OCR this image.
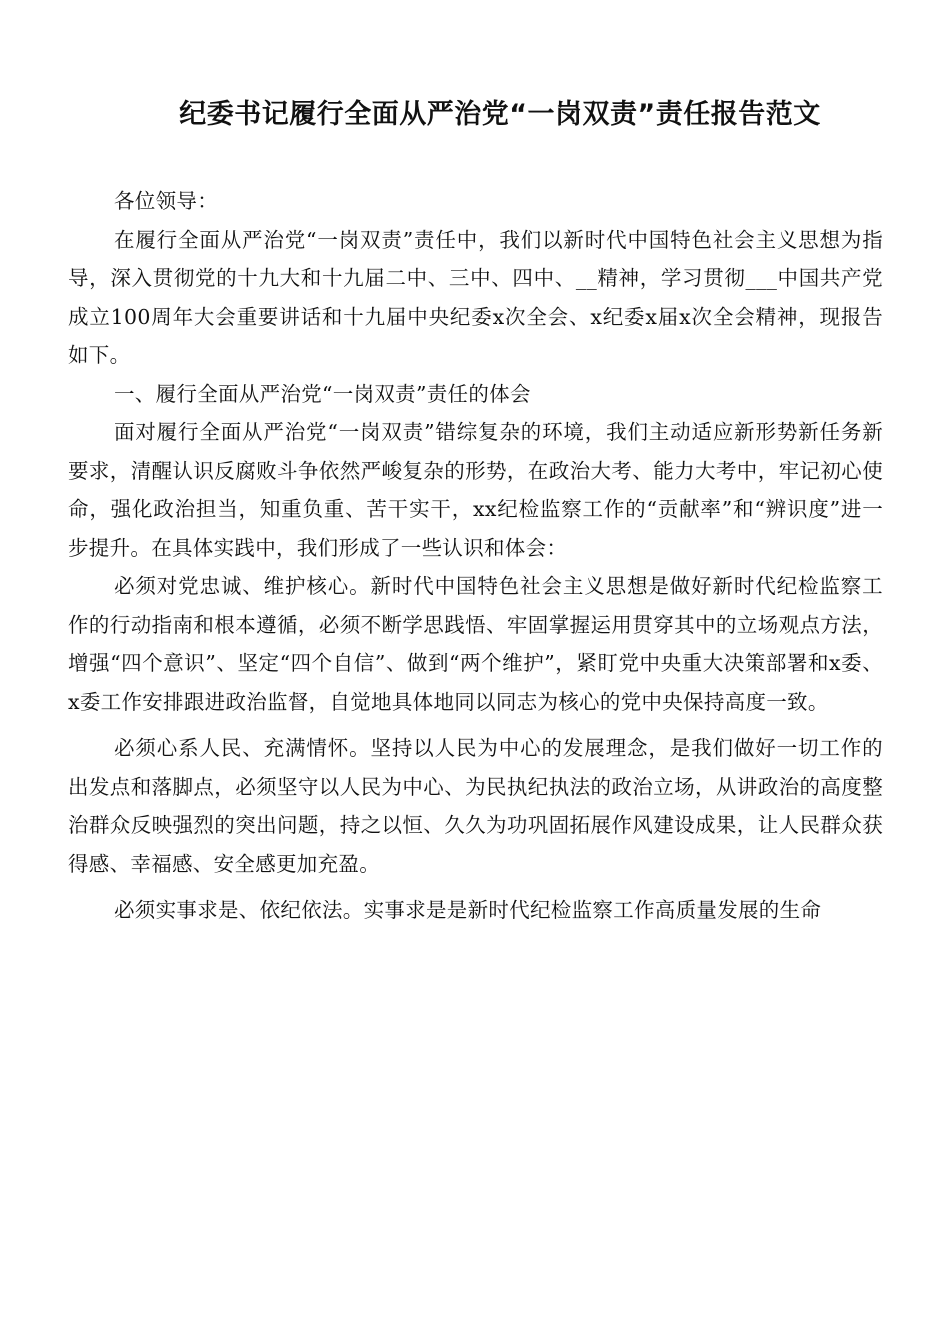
纪委书记履行全面从严治党“一岗双责”责任报告范文

各位领导：

在履行全面从严治党“一岗双责”责任中，我们以新时代中国特色社会主义思想为指导，深入贯彻党的十九大和十九届二中、三中、四中、__精神，学习贯彻___中国共产党成立100周年大会重要讲话和十九届中央纪委x次全会、x纪委x届x次全会精神，现报告如下。

一、履行全面从严治党“一岗双责”责任的体会

面对履行全面从严治党“一岗双责”错综复杂的环境，我们主动适应新形势新任务新要求，清醒认识反腐败斗争依然严峻复杂的形势，在政治大考、能力大考中，牢记初心使命，强化政治担当，知重负重、苦干实干，xx纪检监察工作的“贡献率”和“辨识度”进一步提升。在具体实践中，我们形成了一些认识和体会：

必须对党忠诚、维护核心。新时代中国特色社会主义思想是做好新时代纪检监察工作的行动指南和根本遵循，必须不断学思践悟、牢固掌握运用贯穿其中的立场观点方法，增强“四个意识”、坚定“四个自信”、做到“两个维护”，紧盯党中央重大决策部署和x委、x委工作安排跟进政治监督，自觉地具体地同以同志为核心的党中央保持高度一致。

必须心系人民、充满情怀。坚持以人民为中心的发展理念，是我们做好一切工作的出发点和落脚点，必须坚守以人民为中心、为民执纪执法的政治立场，从讲政治的高度整治群众反映强烈的突出问题，持之以恒、久久为功巩固拓展作风建设成果，让人民群众获得感、幸福感、安全感更加充盈。

必须实事求是、依纪依法。实事求是是新时代纪检监察工作高质量发展的生命
